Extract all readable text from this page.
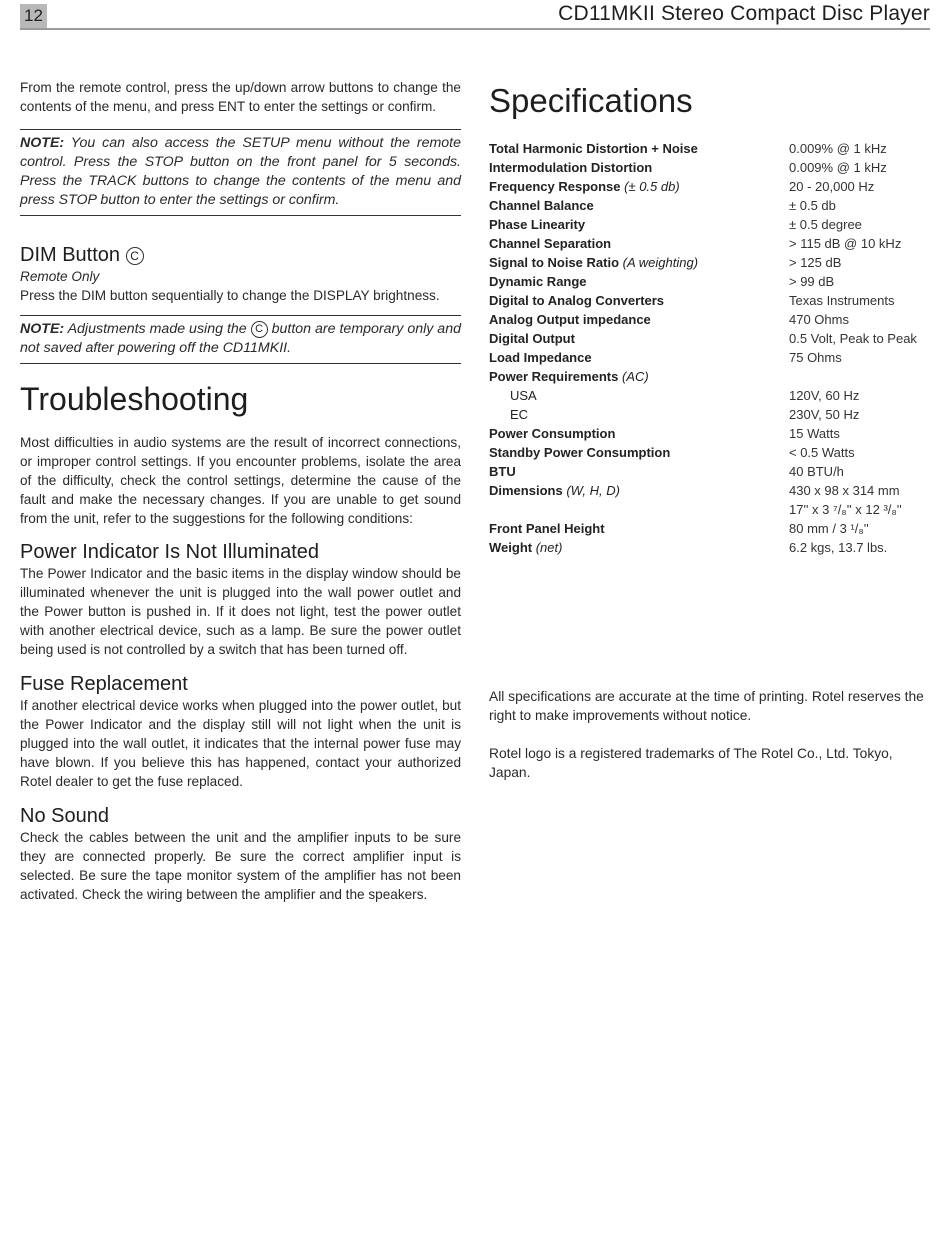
12	CD11MKII Stereo Compact Disc Player

From the remote control, press the up/down arrow buttons to change the contents of the menu, and press ENT to enter the settings or confirm.

NOTE: You can also access the SETUP menu without the remote control. Press the STOP button on the front panel for 5 seconds. Press the TRACK buttons to change the contents of the menu and press STOP button to enter the settings or confirm.
DIM Button C
Remote Only

Press the DIM button sequentially to change the DISPLAY brightness.

NOTE: Adjustments made using the C button are temporary only and not saved after powering off the CD11MKII.
Troubleshooting

Most difficulties in audio systems are the result of incorrect connections, or improper control settings. If you encounter problems, isolate the area of the difficulty, check the control settings, determine the cause of the fault and make the necessary changes. If you are unable to get sound from the unit, refer to the suggestions for the following conditions:

Power Indicator Is Not Illuminated

The Power Indicator and the basic items in the display window should be illuminated whenever the unit is plugged into the wall power outlet and the Power button is pushed in. If it does not light, test the power outlet with another electrical device, such as a lamp. Be sure the power outlet being used is not controlled by a switch that has been turned off.

Fuse Replacement

If another electrical device works when plugged into the power outlet, but the Power Indicator and the display still will not light when the unit is plugged into the wall outlet, it indicates that the internal power fuse may have blown. If you believe this has happened, contact your authorized Rotel dealer to get the fuse replaced.

No Sound

Check the cables between the unit and the amplifier inputs to be sure they are connected properly. Be sure the correct amplifier input is selected. Be sure the tape monitor system of the amplifier has not been activated. Check the wiring between the amplifier and the speakers.

Specifications
Total Harmonic Distortion + Noise	0.009% @ 1 kHz
Intermodulation Distortion	0.009% @ 1 kHz
Frequency Response (± 0.5 db)	20 - 20,000 Hz
Channel Balance	± 0.5 db
Phase Linearity	± 0.5 degree
Channel Separation	> 115 dB @ 10 kHz
Signal to Noise Ratio (A weighting)	> 125 dB
Dynamic Range	> 99 dB
Digital to Analog Converters	Texas Instruments
Analog Output impedance	470 Ohms
Digital Output	0.5 Volt, Peak to Peak
Load Impedance	75 Ohms
Power Requirements (AC)	
USA	120V, 60 Hz
EC	230V, 50 Hz
Power Consumption	15 Watts
Standby Power Consumption	< 0.5 Watts
BTU	40 BTU/h
Dimensions (W, H, D)	430 x 98 x 314 mm
	17'' x 3 ⁷/₈'' x 12 ³/₈''
Front Panel Height	80 mm / 3 ¹/₈''
Weight (net)	6.2 kgs, 13.7 lbs.

All specifications are accurate at the time of printing. Rotel reserves the right to make improvements without notice.

Rotel logo is a registered trademarks of The Rotel Co., Ltd. Tokyo, Japan.
